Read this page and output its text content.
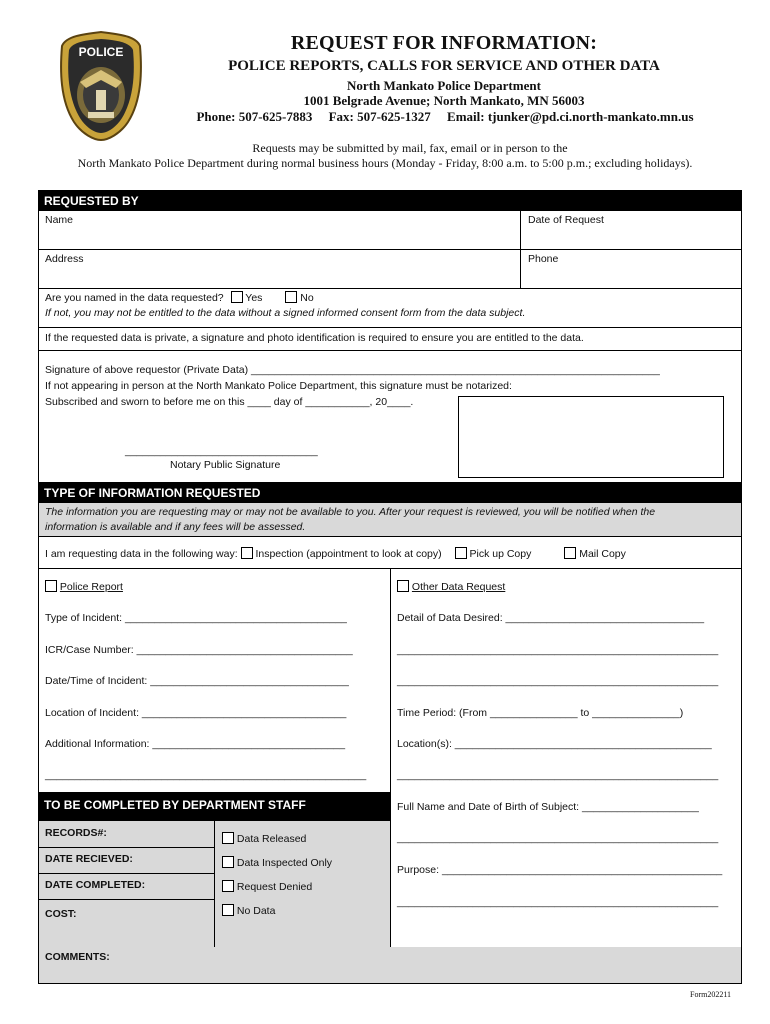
POLICE	REQUEST FOR INFORMATION:
POLICE REPORTS, CALLS FOR SERVICE AND OTHER DATA
North Mankato Police Department
1001 Belgrade Avenue; North Mankato, MN 56003
Phone: 507-625-7883     Fax: 507-625-1327     Email: tjunker@pd.ci.north-mankato.mn.us
Requests may be submitted by mail, fax, email or in person to the
North Mankato Police Department during normal business hours (Monday - Friday, 8:00 a.m. to 5:00 p.m.; excluding holidays).
REQUESTED BY
Name	Date of Request
Address	Phone
Are you named in the data requested? Yes	No
If not, you may not be entitled to the data without a signed informed consent form from the data subject.
If the requested data is private, a signature and photo identification is required to ensure you are entitled to the data.
Signature of above requestor (Private Data) ______________________________________________________________________
If not appearing in person at the North Mankato Police Department, this signature must be notarized:
Subscribed and sworn to before me on this ____ day of ___________, 20____.
_________________________________
Notary Public Signature
TYPE OF INFORMATION REQUESTED
The information you are requesting may or may not be available to you. After your request is reviewed, you will be notified when the
information is available and if any fees will be assessed.
I am requesting data in the following way: Inspection (appointment to look at copy)	Pick up Copy	Mail Copy
Police Report
Type of Incident: ______________________________________
ICR/Case Number: _____________________________________
Date/Time of Incident: __________________________________
Location of Incident: ___________________________________
Additional Information: _________________________________
_______________________________________________________
Other Data Request
Detail of Data Desired: __________________________________
_______________________________________________________
_______________________________________________________
Time Period: (From _______________ to _______________)
Location(s): ____________________________________________
_______________________________________________________
Full Name and Date of Birth of Subject: ____________________
_______________________________________________________
Purpose: ________________________________________________
_______________________________________________________
TO BE COMPLETED BY DEPARTMENT STAFF
RECORDS#:
DATE RECIEVED:
DATE COMPLETED:
COST:
Data Released
Data Inspected Only
Request Denied
No Data
COMMENTS:
Form202211
